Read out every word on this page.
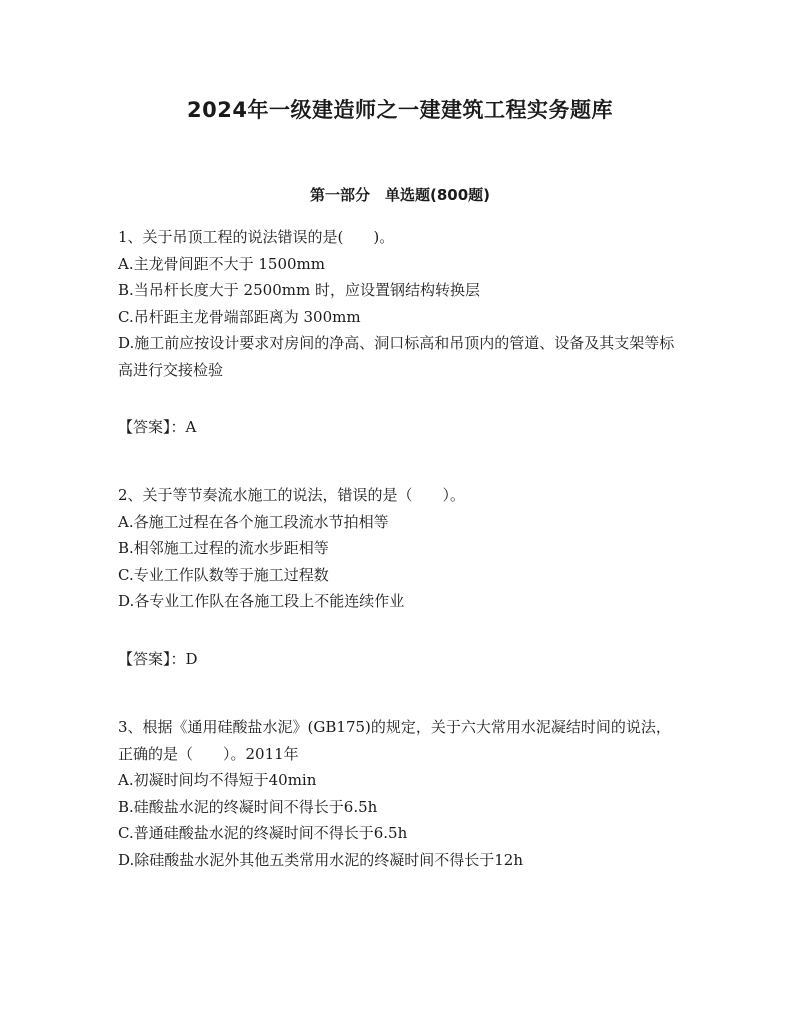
2024年一级建造师之一建建筑工程实务题库
第一部分　单选题(800题)

1、关于吊顶工程的说法错误的是(　　)。

A.主龙骨间距不大于 1500mm

B.当吊杆长度大于 2500mm 时，应设置钢结构转换层

C.吊杆距主龙骨端部距离为 300mm

D.施工前应按设计要求对房间的净高、洞口标高和吊顶内的管道、设备及其支架等标高进行交接检验

【答案】：A

2、关于等节奏流水施工的说法，错误的是（　　）。

A.各施工过程在各个施工段流水节拍相等

B.相邻施工过程的流水步距相等

C.专业工作队数等于施工过程数

D.各专业工作队在各施工段上不能连续作业

【答案】：D

3、根据《通用硅酸盐水泥》(GB175)的规定，关于六大常用水泥凝结时间的说法，正确的是（　　）。2011年

A.初凝时间均不得短于40min

B.硅酸盐水泥的终凝时间不得长于6.5h

C.普通硅酸盐水泥的终凝时间不得长于6.5h

D.除硅酸盐水泥外其他五类常用水泥的终凝时间不得长于12h
